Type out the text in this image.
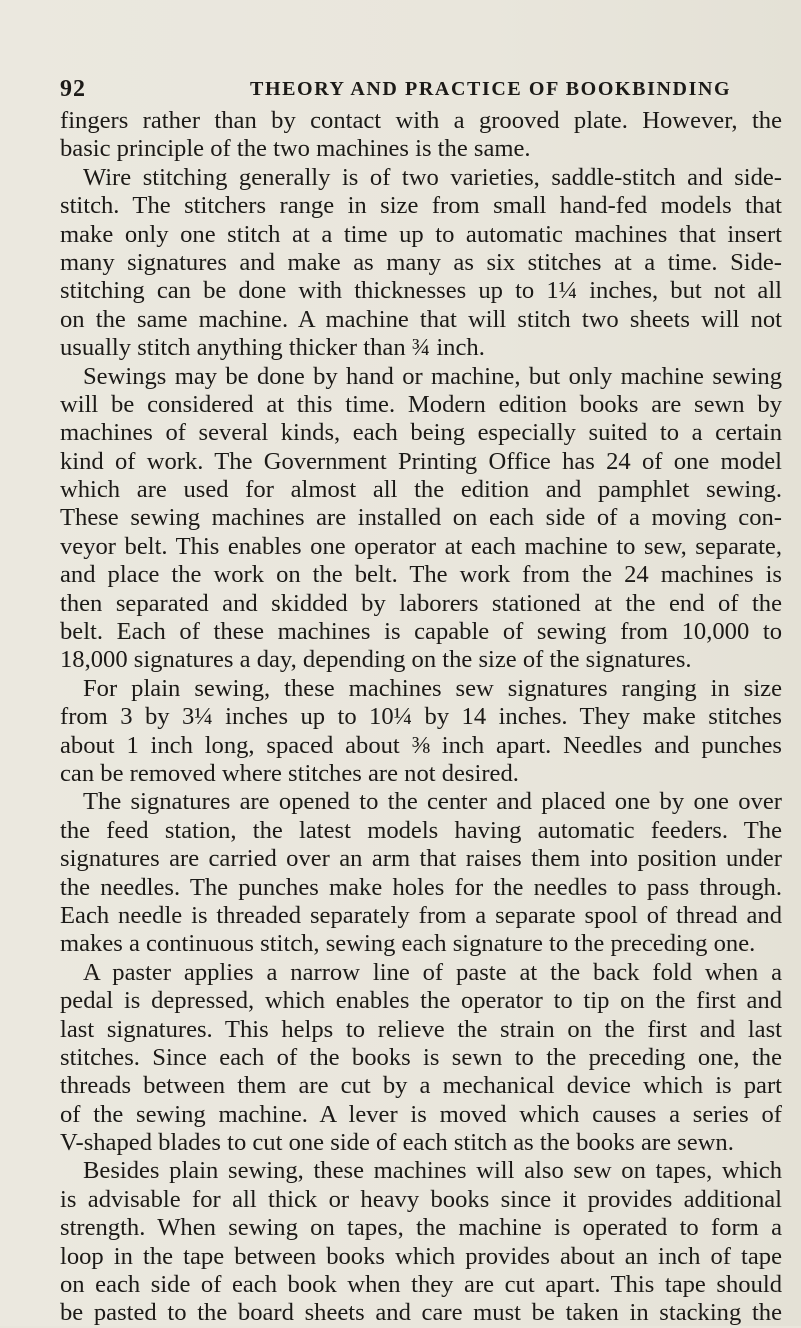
92	THEORY AND PRACTICE OF BOOKBINDING
fingers rather than by contact with a grooved plate. However, the
basic principle of the two machines is the same.
Wire stitching generally is of two varieties, saddle-stitch and side-
stitch. The stitchers range in size from small hand-fed models that
make only one stitch at a time up to automatic machines that insert
many signatures and make as many as six stitches at a time. Side-
stitching can be done with thicknesses up to 1¼ inches, but not all
on the same machine. A machine that will stitch two sheets will not
usually stitch anything thicker than ¾ inch.
Sewings may be done by hand or machine, but only machine sewing
will be considered at this time. Modern edition books are sewn by
machines of several kinds, each being especially suited to a certain
kind of work. The Government Printing Office has 24 of one model
which are used for almost all the edition and pamphlet sewing.
These sewing machines are installed on each side of a moving con-
veyor belt. This enables one operator at each machine to sew, separate,
and place the work on the belt. The work from the 24 machines is
then separated and skidded by laborers stationed at the end of the
belt. Each of these machines is capable of sewing from 10,000 to
18,000 signatures a day, depending on the size of the signatures.
For plain sewing, these machines sew signatures ranging in size
from 3 by 3¼ inches up to 10¼ by 14 inches. They make stitches
about 1 inch long, spaced about ⅜ inch apart. Needles and punches
can be removed where stitches are not desired.
The signatures are opened to the center and placed one by one over
the feed station, the latest models having automatic feeders. The
signatures are carried over an arm that raises them into position under
the needles. The punches make holes for the needles to pass through.
Each needle is threaded separately from a separate spool of thread and
makes a continuous stitch, sewing each signature to the preceding one.
A paster applies a narrow line of paste at the back fold when a
pedal is depressed, which enables the operator to tip on the first and
last signatures. This helps to relieve the strain on the first and last
stitches. Since each of the books is sewn to the preceding one, the
threads between them are cut by a mechanical device which is part
of the sewing machine. A lever is moved which causes a series of
V-shaped blades to cut one side of each stitch as the books are sewn.
Besides plain sewing, these machines will also sew on tapes, which
is advisable for all thick or heavy books since it provides additional
strength. When sewing on tapes, the machine is operated to form a
loop in the tape between books which provides about an inch of tape
on each side of each book when they are cut apart. This tape should
be pasted to the board sheets and care must be taken in stacking the
